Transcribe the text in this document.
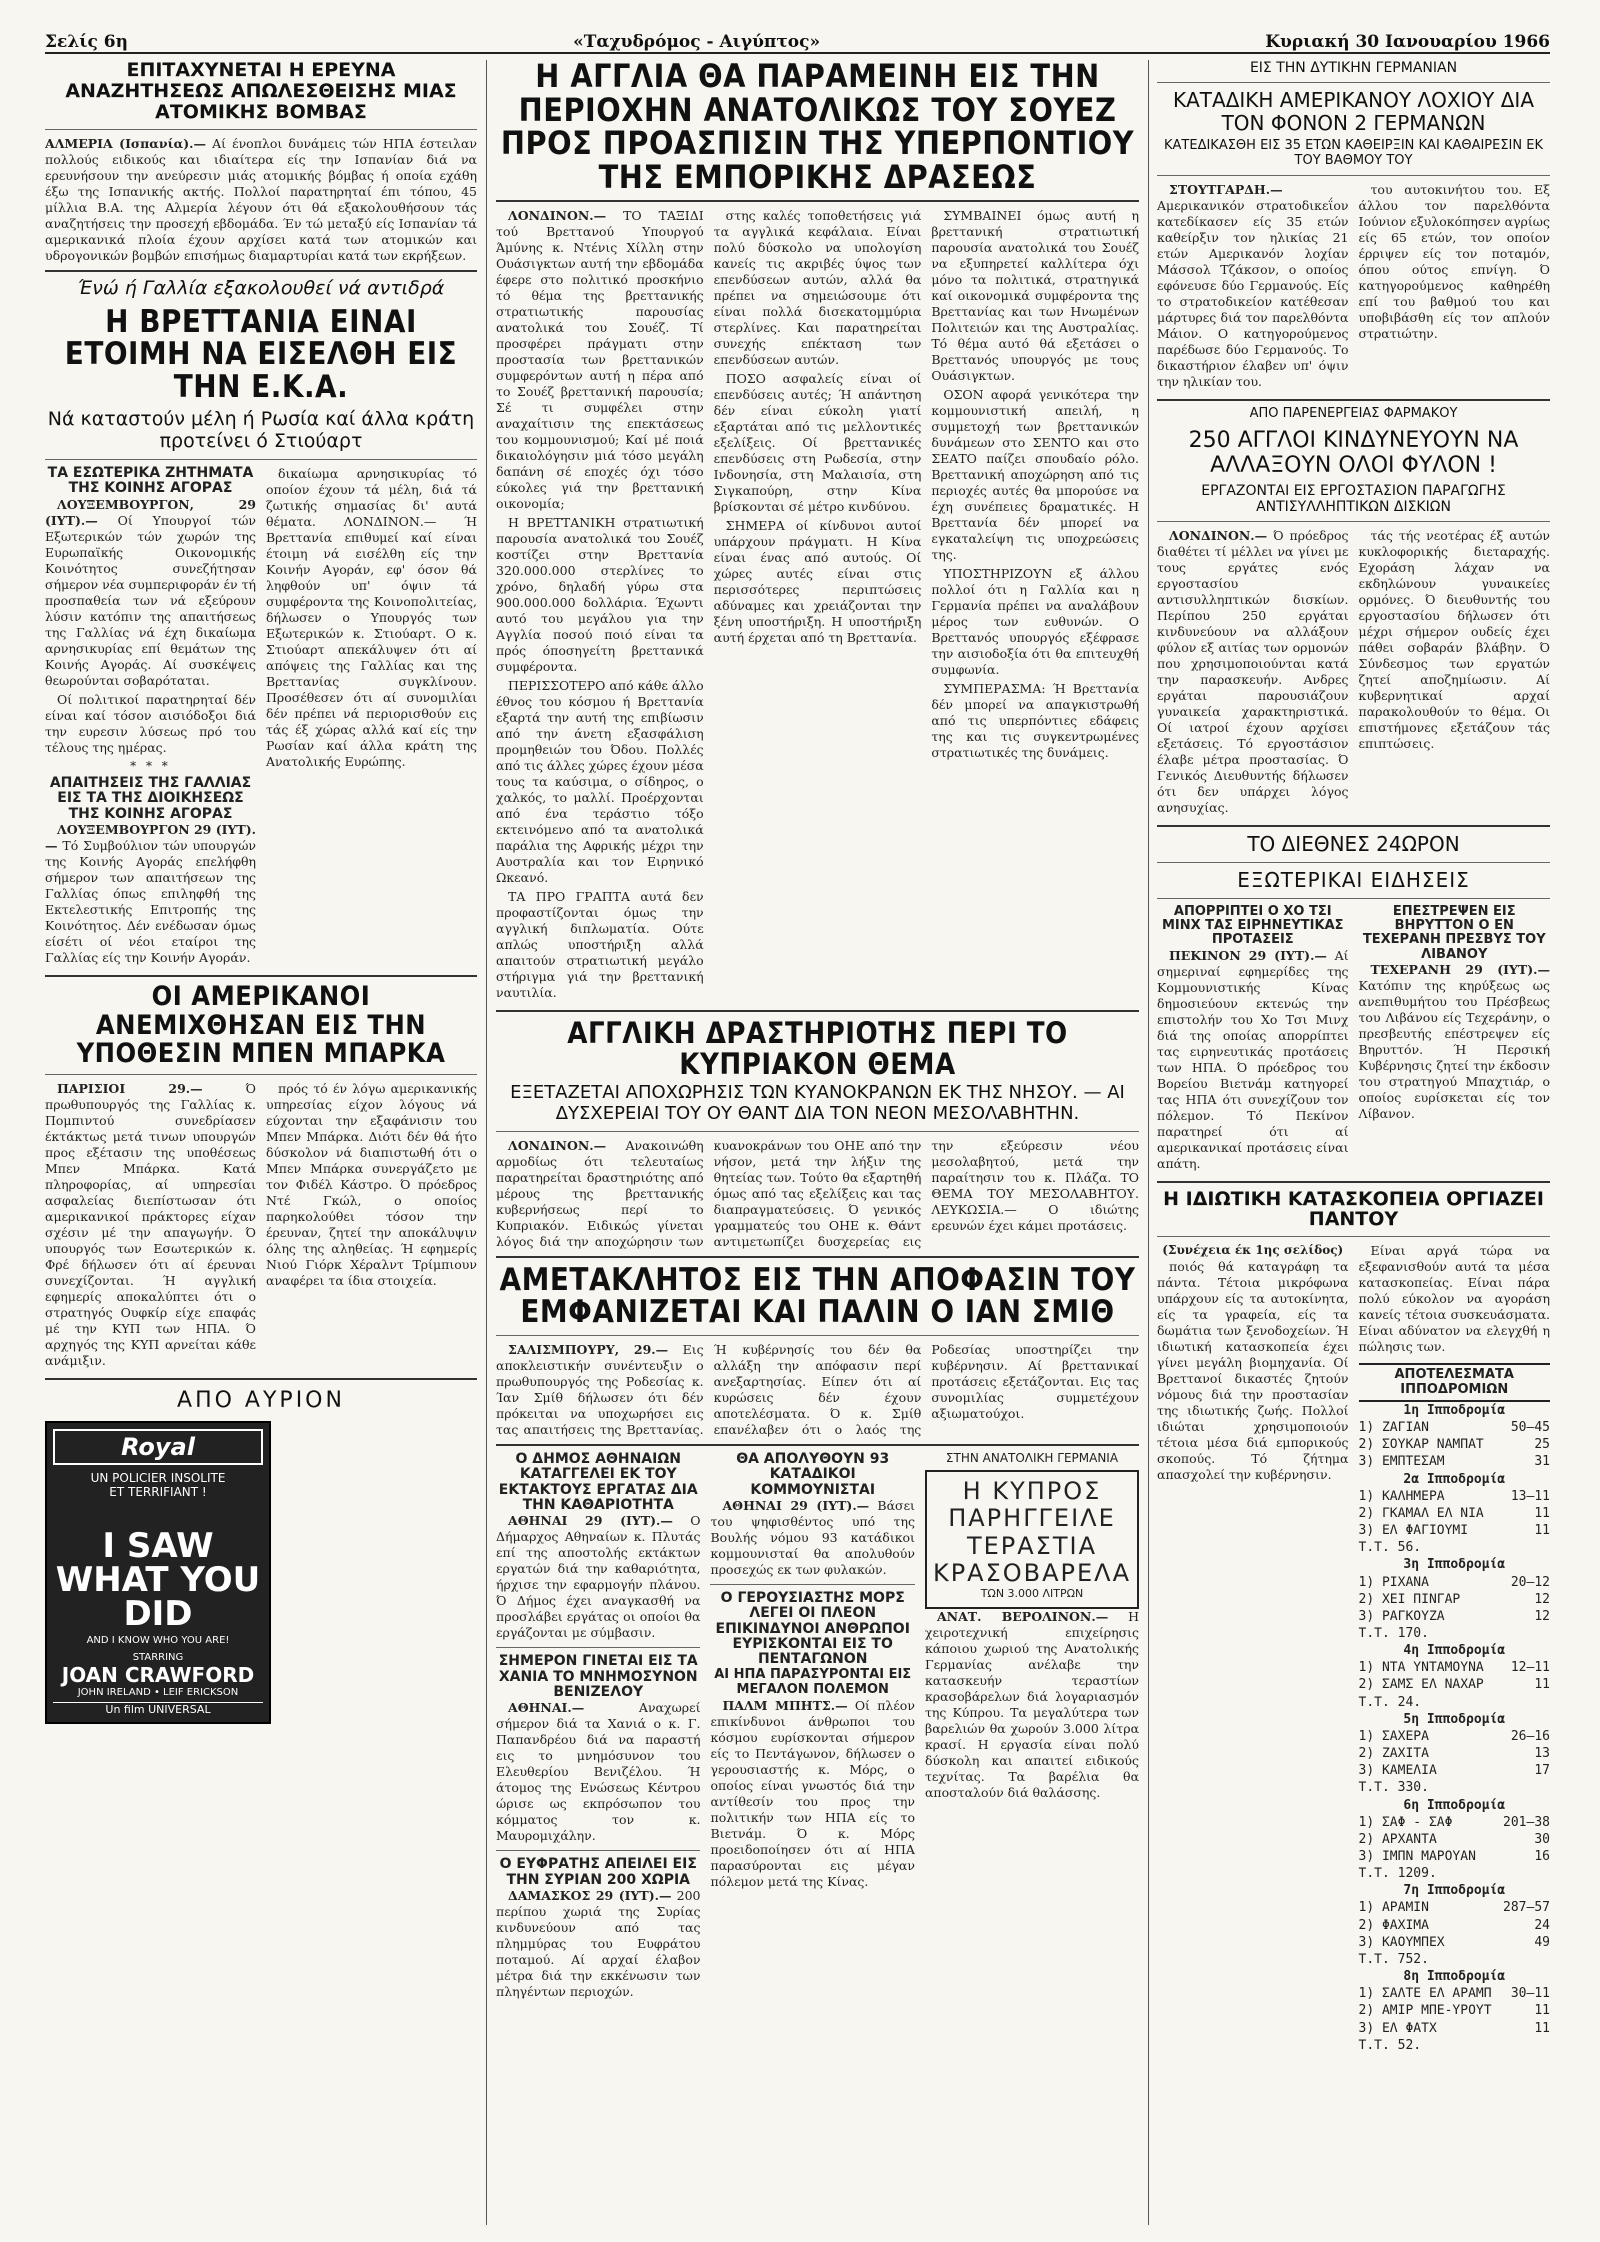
Σελίς 6η	«Ταχυδρόμος - Αιγύπτος»	Κυριακή 30 Ιανουαρίου 1966
ΕΠΙΤΑΧΥΝΕΤΑΙ Η ΕΡΕΥΝΑ ΑΝΑΖΗΤΗΣΕΩΣ ΑΠΩΛΕΣΘΕΙΣΗΣ ΜΙΑΣ ΑΤΟΜΙΚΗΣ ΒΟΜΒΑΣ
ΑΛΜΕΡΙΑ (Ισπανία).— Αί ένοπλοι δυνάμεις τών ΗΠΑ έστειλαν πολλούς ειδικούς και ιδιαίτερα είς την Ισπανίαν διά να ερευνήσουν την ανεύρεσιν μιάς ατομικής βόμβας ή οποία εχάθη έξω της Ισπανικής ακτής. Πολλοί παρατηρηταί έπι τόπου, 45 μίλλια Β.Α. της Αλμερία λέγουν ότι θά εξακολουθήσουν τάς αναζητήσεις την προσεχή εβδομάδα. Έν τώ μεταξύ είς Ισπανίαν τά αμερικανικά πλοία έχουν αρχίσει κατά των ατομικών και υδρογονικών βομβών επισήμως διαμαρτυρίαι κατά των εκρήξεων.
Ένώ ή Γαλλία εξακολουθεί νά αντιδρά
Η ΒΡΕΤΤΑΝΙΑ ΕΙΝΑΙ ΕΤΟΙΜΗ ΝΑ ΕΙΣΕΛΘΗ ΕΙΣ ΤΗΝ Ε.Κ.Α.
Νά καταστούν μέλη ή Ρωσία καί άλλα κράτη προτείνει ό Στιούαρτ
ΤΑ ΕΣΩΤΕΡΙΚΑ ΖΗΤΗΜΑΤΑ ΤΗΣ ΚΟΙΝΗΣ ΑΓΟΡΑΣ

ΛΟΥΞΕΜΒΟΥΡΓΟΝ, 29 (ΙΥΤ).— Οί Υπουργοί τών Εξωτερικών τών χωρών της Ευρωπαϊκής Οικονομικής Κοινότητος συνεζήτησαν σήμερον νέα συμπεριφοράν έν τή προσπαθεία των νά εξεύρουν λύσιν κατόπιν της απαιτήσεως της Γαλλίας νά έχη δικαίωμα αρνησικυρίας επί θεμάτων της Κοινής Αγοράς. Αί συσκέψεις θεωρούνται σοβαρόταται.

Οί πολιτικοί παρατηρηταί δέν είναι καί τόσον αισιόδοξοι διά την ευρεσιν λύσεως πρό του τέλους της ημέρας.

* * *
ΑΠΑΙΤΗΣΕΙΣ ΤΗΣ ΓΑΛΛΙΑΣ ΕΙΣ ΤΑ ΤΗΣ ΔΙΟΙΚΗΣΕΩΣ ΤΗΣ ΚΟΙΝΗΣ ΑΓΟΡΑΣ

ΛΟΥΞΕΜΒΟΥΡΓΟΝ 29 (ΙΥΤ).— Τό Συμβούλιον τών υπουργών της Κοινής Αγοράς επελήφθη σήμερον των απαιτήσεων της Γαλλίας όπως επιληφθή της Εκτελεστικής Επιτροπής της Κοινότητος. Δέν ενέδωσαν όμως είσέτι οί νέοι εταίροι της Γαλλίας είς την Κοινήν Αγοράν.

δικαίωμα αρνησικυρίας τό οποίον έχουν τά μέλη, διά τά ζωτικής σημασίας δι' αυτά θέματα. ΛΟΝΔΙΝΟΝ.— Ή Βρεττανία επιθυμεί καί είναι έτοιμη νά εισέλθη είς την Κοινήν Αγοράν, εφ' όσον θά ληφθούν υπ' όψιν τά συμφέροντα της Κοινοπολιτείας, δήλωσεν ο Υπουργός των Εξωτερικών κ. Στιούαρτ. Ο κ. Στιούαρτ απεκάλυψεν ότι αί απόψεις της Γαλλίας και της Βρεττανίας συγκλίνουν. Προσέθεσεν ότι αί συνομιλίαι δέν πρέπει νά περιορισθούν εις τάς έξ χώρας αλλά καί είς την Ρωσίαν καί άλλα κράτη της Ανατολικής Ευρώπης.

ΟΙ ΑΜΕΡΙΚΑΝΟΙ ΑΝΕΜΙΧΘΗΣΑΝ ΕΙΣ ΤΗΝ ΥΠΟΘΕΣΙΝ ΜΠΕΝ ΜΠΑΡΚΑ

ΠΑΡΙΣΙΟΙ 29.—	Ό πρωθυπουργός της Γαλλίας κ. Πομπιντού συνεδρίασεν έκτάκτως μετά τινων υπουργών προς εξέτασιν της υποθέσεως Μπεν Μπάρκα. Κατά πληροφορίας, αί υπηρεσίαι ασφαλείας διεπίστωσαν ότι αμερικανικοί πράκτορες είχαν σχέσιν μέ την απαγωγήν. Ό υπουργός των Εσωτερικών κ. Φρέ δήλωσεν ότι αί έρευναι συνεχίζονται. Ή αγγλική εφημερίς αποκαλύπτει ότι ο στρατηγός Ουφκίρ είχε επαφάς μέ την ΚΥΠ των ΗΠΑ. Ό αρχηγός της ΚΥΠ αρνείται κάθε ανάμιξιν.

πρός τό έν λόγω αμερικανικής υπηρεσίας είχον λόγους νά εύχονται την εξαφάνισιν του Μπεν Μπάρκα. Διότι δέν θά ήτο δύσκολον νά διαπιστωθή ότι ο Μπεν Μπάρκα συνεργάζετο με τον Φιδέλ Κάστρο. Ό πρόεδρος Ντέ Γκώλ, ο οποίος παρηκολούθει τόσον την έρευναν, ζητεί την αποκάλυψιν όλης της αληθείας. Ή εφημερίς Νιού Γιόρκ Χέραλντ Τρίμπιουν αναφέρει τα ίδια στοιχεία.

ΑΠΟ ΑΥΡΙΟΝ
Royal
UN POLICIER INSOLITE
ET TERRIFIANT !
I SAW WHAT YOU DID
AND I KNOW WHO YOU ARE!
STARRING
JOAN CRAWFORD
JOHN IRELAND • LEIF ERICKSON
Un film UNIVERSAL
Η ΑΓΓΛΙΑ ΘΑ ΠΑΡΑΜΕΙΝΗ ΕΙΣ ΤΗΝ ΠΕΡΙΟΧΗΝ ΑΝΑΤΟΛΙΚΩΣ ΤΟΥ ΣΟΥΕΖ ΠΡΟΣ ΠΡΟΑΣΠΙΣΙΝ ΤΗΣ ΥΠΕΡΠΟΝΤΙΟΥ ΤΗΣ ΕΜΠΟΡΙΚΗΣ ΔΡΑΣΕΩΣ

ΛΟΝΔΙΝΟΝ.— ΤΟ ΤΑΞΙΔΙ τού Βρεττανού Υπουργού Άμύνης κ. Ντένις Χίλλη στην Ουάσιγκτων αυτή την εβδομάδα έφερε στο πολιτικό προσκήνιο τό θέμα της βρεττανικής στρατιωτικής παρουσίας ανατολικά του Σουέζ. Τί προσφέρει πράγματι στην προστασία των βρεττανικών συμφερόντων αυτή η πέρα από το Σουέζ βρεττανική παρουσία; Σέ τι συμφέλει στην αναχαίτισιν της επεκτάσεως του κομμουνισμού; Καί μέ ποιά δικαιολόγησιν μιά τόσο μεγάλη δαπάνη σέ εποχές όχι τόσο εύκολες γιά την βρεττανική οικονομία;

Η ΒΡΕΤΤΑΝΙΚΗ στρατιωτική παρουσία ανατολικά του Σουέζ κοστίζει στην Βρεττανία 320.000.000 στερλίνες το χρόνο, δηλαδή γύρω στα 900.000.000 δολλάρια. Έχωντι αυτό του μεγάλου για την Αγγλία ποσού ποιό είναι τα πρός όποσηγείτη βρεττανικά συμφέροντα.

ΠΕΡΙΣΣΟΤΕΡΟ από κάθε άλλο έθνος του κόσμου ή Βρεττανία εξαρτά την αυτή της επιβίωσιν από την άνετη εξασφάλιση προμηθειών του Όδου. Πολλές από τις άλλες χώρες έχουν μέσα τους τα καύσιμα, ο σίδηρος, ο χαλκός, το μαλλί. Προέρχονται από ένα τεράστιο τόξο εκτεινόμενο από τα ανατολικά παράλια της Αφρικής μέχρι την Αυστραλία και τον Ειρηνικό Ωκεανό.

ΤΑ ΠΡΟ ΓΡΑΠΤΑ αυτά δεν προφαστίζονται όμως την αγγλική διπλωματία. Ούτε απλώς υποστήριξη αλλά απαιτούν στρατιωτική μεγάλο στήριγμα γιά την βρεττανική ναυτιλία.

στης καλές τοποθετήσεις γιά τα αγγλικά κεφάλαια. Είναι πολύ δύσκολο να υπολογίση κανείς τις ακριβές ύψος των επενδύσεων αυτών, αλλά θα πρέπει να σημειώσουμε ότι είναι πολλά δισεκατομμύρια στερλίνες. Και παρατηρείται συνεχής επέκταση των επενδύσεων αυτών.

ΠΟΣΟ ασφαλείς είναι οί επενδύσεις αυτές; Ή απάντηση δέν είναι εύκολη γιατί εξαρτάται από τις μελλοντικές εξελίξεις. Οί βρεττανικές επενδύσεις στη Ρωδεσία, στην Ινδονησία, στη Μαλαισία, στη Σιγκαπούρη, στην Κίνα βρίσκονται σέ μέτρο κινδύνου.

ΣΗΜΕΡΑ οί κίνδυνοι αυτοί υπάρχουν πράγματι. Η Κίνα είναι ένας από αυτούς. Οί χώρες αυτές είναι στις περισσότερες περιπτώσεις αδύναμες και χρειάζονται την ξένη υποστήριξη. Η υποστήριξη αυτή έρχεται από τη Βρεττανία.

ΣΥΜΒΑΙΝΕΙ όμως αυτή η βρεττανική στρατιωτική παρουσία ανατολικά του Σουέζ να εξυπηρετεί καλλίτερα όχι μόνο τα πολιτικά, στρατηγικά καί οικονομικά συμφέροντα της Βρεττανίας και των Ηνωμένων Πολιτειών και της Αυστραλίας. Τό θέμα αυτό θά εξετάσει ο Βρεττανός υπουργός με τους Ουάσιγκτων.

ΟΣΟΝ αφορά γενικότερα την κομμουνιστική απειλή, η συμμετοχή των βρεττανικών δυνάμεων στο ΣΕΝΤΟ και στο ΣΕΑΤΟ παίζει σπουδαίο ρόλο. Βρεττανική αποχώρηση από τις περιοχές αυτές θα μπορούσε να έχη συνέπειες δραματικές. Η Βρεττανία δέν μπορεί να εγκαταλείψη τις υποχρεώσεις της.

ΥΠΟΣΤΗΡΙΖΟΥΝ εξ άλλου πολλοί ότι η Γαλλία και η Γερμανία πρέπει να αναλάβουν μέρος των ευθυνών. Ο Βρεττανός υπουργός εξέφρασε την αισιοδοξία ότι θα επιτευχθή συμφωνία.

ΣΥΜΠΕΡΑΣΜΑ: Ή Βρεττανία δέν μπορεί να απαγκιστρωθή από τις υπερπόντιες εδάφεις της και τις συγκεντρωμένες στρατιωτικές της δυνάμεις.

ΑΓΓΛΙΚΗ ΔΡΑΣΤΗΡΙΟΤΗΣ ΠΕΡΙ ΤΟ ΚΥΠΡΙΑΚΟΝ ΘΕΜΑ
ΕΞΕΤΑΖΕΤΑΙ ΑΠΟΧΩΡΗΣΙΣ ΤΩΝ ΚΥΑΝΟΚΡΑΝΩΝ ΕΚ ΤΗΣ ΝΗΣΟΥ. — ΑΙ ΔΥΣΧΕΡΕΙΑΙ ΤΟΥ ΟΥ ΘΑΝΤ ΔΙΑ ΤΟΝ ΝΕΟΝ ΜΕΣΟΛΑΒΗΤΗΝ.

ΛΟΝΔΙΝΟΝ.— Ανακοινώθη αρμοδίως ότι τελευταίως παρατηρείται δραστηριότης από μέρους της βρεττανικής κυβερνήσεως περί το Κυπριακόν. Ειδικώς γίνεται λόγος διά την αποχώρησιν των κυανοκράνων του ΟΗΕ από την νήσον, μετά την λήξιν της θητείας των. Τούτο θα εξαρτηθή όμως από τας εξελίξεις και τας διαπραγματεύσεις. Ό γενικός γραμματεύς του ΟΗΕ κ. Θάντ αντιμετωπίζει δυσχερείας εις την εξεύρεσιν νέου μεσολαβητού, μετά την παραίτησιν του κ. Πλάζα. ΤΟ ΘΕΜΑ ΤΟΥ ΜΕΣΟΛΑΒΗΤΟΥ. ΛΕΥΚΩΣΙΑ.— Ο ιδιώτης ερευνών έχει κάμει προτάσεις.

ΑΜΕΤΑΚΛΗΤΟΣ ΕΙΣ ΤΗΝ ΑΠΟΦΑΣΙΝ ΤΟΥ ΕΜΦΑΝΙΖΕΤΑΙ ΚΑΙ ΠΑΛΙΝ Ο ΙΑΝ ΣΜΙΘ

ΣΑΛΙΣΜΠΟΥΡΥ, 29.— Εις αποκλειστικήν συνέντευξιν ο πρωθυπουργός της Ροδεσίας κ. Ίαν Σμίθ δήλωσεν ότι δέν πρόκειται να υποχωρήσει εις τας απαιτήσεις της Βρεττανίας. Ή κυβέρνησίς του δέν θα αλλάξη την απόφασιν περί ανεξαρτησίας. Είπεν ότι αί κυρώσεις δέν έχουν αποτελέσματα. Ό κ. Σμίθ επανέλαβεν ότι ο λαός της Ροδεσίας υποστηρίζει την κυβέρνησιν. Αί βρεττανικαί προτάσεις εξετάζονται. Εις τας συνομιλίας συμμετέχουν αξιωματούχοι.

Ο ΔΗΜΟΣ ΑΘΗΝΑΙΩΝ ΚΑΤΑΓΓΕΛΕΙ ΕΚ ΤΟΥ ΕΚΤΑΚΤΟΥΣ ΕΡΓΑΤΑΣ ΔΙΑ ΤΗΝ ΚΑΘΑΡΙΟΤΗΤΑ

ΑΘΗΝΑΙ 29 (ΙΥΤ).— Ο Δήμαρχος Αθηναίων κ. Πλυτάς επί της αποστολής εκτάκτων εργατών διά την καθαριότητα, ήρχισε την εφαρμογήν πλάνου. Ό Δήμος έχει αναγκασθή να προσλάβει εργάτας οι οποίοι θα εργάζονται με σύμβασιν.

ΣΗΜΕΡΟΝ ΓΙΝΕΤΑΙ ΕΙΣ ΤΑ ΧΑΝΙΑ ΤΟ ΜΝΗΜΟΣΥΝΟΝ ΒΕΝΙΖΕΛΟΥ

ΑΘΗΝΑΙ.—	Αναχωρεί σήμερον διά τα Χανιά ο κ. Γ. Παπανδρέου διά να παραστή εις το μνημόσυνον του Ελευθερίου Βενιζέλου. Ή άτομος της Ενώσεως Κέντρου ώρισε ως εκπρόσωπον του κόμματος τον κ. Μαυρομιχάλην.

Ο ΕΥΦΡΑΤΗΣ ΑΠΕΙΛΕΙ ΕΙΣ ΤΗΝ ΣΥΡΙΑΝ 200 ΧΩΡΙΑ

ΔΑΜΑΣΚΟΣ 29 (ΙΥΤ).— 200 περίπου χωριά της Συρίας κινδυνεύουν από τας πλημμύρας του Ευφράτου ποταμού. Αί αρχαί έλαβον μέτρα διά την εκκένωσιν των πληγέντων περιοχών.

ΘΑ ΑΠΟΛΥΘΟΥΝ 93 ΚΑΤΑΔΙΚΟΙ ΚΟΜΜΟΥΝΙΣΤΑΙ

ΑΘΗΝΑΙ 29 (ΙΥΤ).— Βάσει του ψηφισθέντος υπό της Βουλής νόμου 93 κατάδικοι κομμουνισταί θα απολυθούν προσεχώς εκ των φυλακών.

Ο ΓΕΡΟΥΣΙΑΣΤΗΣ ΜΟΡΣ ΛΕΓΕΙ ΟΙ ΠΛΕΟΝ ΕΠΙΚΙΝΔΥΝΟΙ ΑΝΘΡΩΠΟΙ ΕΥΡΙΣΚΟΝΤΑΙ ΕΙΣ ΤΟ ΠΕΝΤΑΓΩΝΟΝ
ΑΙ ΗΠΑ ΠΑΡΑΣΥΡΟΝΤΑΙ ΕΙΣ ΜΕΓΑΛΟΝ ΠΟΛΕΜΟΝ

ΠΑΛΜ ΜΠΗΤΣ.— Οί πλέον επικίνδυνοι άνθρωποι του κόσμου ευρίσκονται σήμερον είς το Πεντάγωνον, δήλωσεν ο γερουσιαστής κ. Μόρς, ο οποίος είναι γνωστός διά την αντίθεσίν του προς την πολιτικήν των ΗΠΑ είς το Βιετνάμ. Ό κ. Μόρς προειδοποίησεν ότι αί ΗΠΑ παρασύρονται εις μέγαν πόλεμον μετά της Κίνας.

ΣΤΗΝ ΑΝΑΤΟΛΙΚΗ ΓΕΡΜΑΝΙΑ
Η ΚΥΠΡΟΣ ΠΑΡΗΓΓΕΙΛΕ ΤΕΡΑΣΤΙΑ ΚΡΑΣΟΒΑΡΕΛΑ
ΤΩΝ 3.000 ΛΙΤΡΩΝ

ΑΝΑΤ. ΒΕΡΟΛΙΝΟΝ.— Η χειροτεχνική επιχείρησις κάποιου χωριού της Ανατολικής Γερμανίας ανέλαβε την κατασκευήν τεραστίων κρασοβάρελων διά λογαριασμόν της Κύπρου. Τα μεγαλύτερα των βαρελιών θα χωρούν 3.000 λίτρα κρασί. Η εργασία είναι πολύ δύσκολη και απαιτεί ειδικούς τεχνίτας. Τα βαρέλια θα αποσταλούν διά θαλάσσης.

ΕΙΣ ΤΗΝ ΔΥΤΙΚΗΝ ΓΕΡΜΑΝΙΑΝ
ΚΑΤΑΔΙΚΗ ΑΜΕΡΙΚΑΝΟΥ ΛΟΧΙΟΥ ΔΙΑ ΤΟΝ ΦΟΝΟΝ 2 ΓΕΡΜΑΝΩΝ
ΚΑΤΕΔΙΚΑΣΘΗ ΕΙΣ 35 ΕΤΩΝ ΚΑΘΕΙΡΞΙΝ ΚΑΙ ΚΑΘΑΙΡΕΣΙΝ ΕΚ ΤΟΥ ΒΑΘΜΟΥ ΤΟΥ

ΣΤΟΥΤΓΑΡΔΗ.— Αμερικανικόν στρατοδικεΐον κατεδίκασεν είς 35 ετών καθείρξιν τον ηλικίας 21 ετών Αμερικανόν λοχίαν Μάσσολ Τζάκσον, ο οποίος εφόνευσε δύο Γερμανούς. Είς το στρατοδικείον κατέθεσαν μάρτυρες διά τον παρελθόντα Μάιον. Ο κατηγορούμενος παρέδωσε δύο Γερμανούς. Το δικαστήριον έλαβεν υπ' όψιν την ηλικίαν του.

του αυτοκινήτου του. Εξ άλλου τον παρελθόντα Ιούνιον εξυλοκόπησεν αγρίως είς 65 ετών, τον οποίον έρριψεν είς τον ποταμόν, όπου ούτος επνίγη. Ό κατηγορούμενος καθηρέθη επί του βαθμού του και υποβιβάσθη είς τον απλούν στρατιώτην.

ΑΠΟ ΠΑΡΕΝΕΡΓΕΙΑΣ ΦΑΡΜΑΚΟΥ
250 ΑΓΓΛΟΙ ΚΙΝΔΥΝΕΥΟΥΝ ΝΑ ΑΛΛΑΞΟΥΝ ΟΛΟΙ ΦΥΛΟΝ !
ΕΡΓΑΖΟΝΤΑΙ ΕΙΣ ΕΡΓΟΣΤΑΣΙΟΝ ΠΑΡΑΓΩΓΗΣ ΑΝΤΙΣΥΛΛΗΠΤΙΚΩΝ ΔΙΣΚΙΩΝ

ΛΟΝΔΙΝΟΝ.— Ό πρόεδρος διαθέτει τί μέλλει να γίνει με τους εργάτες ενός εργοστασίου αντισυλληπτικών δισκίων. Περίπου 250 εργάται κινδυνεύουν να αλλάξουν φύλον εξ αιτίας των ορμονών που χρησιμοποιούνται κατά την παρασκευήν. Ανδρες εργάται παρουσιάζουν γυναικεία χαρακτηριστικά. Οί ιατροί έχουν αρχίσει εξετάσεις. Τό εργοστάσιον έλαβε μέτρα προστασίας. Ό Γενικός Διευθυντής δήλωσεν ότι δεν υπάρχει λόγος ανησυχίας.

τάς τής νεοτέρας έξ αυτών κυκλοφορικής διεταραχής. Εχοράση λάχαν να εκδηλώνουν γυναικείες ορμόνες. Ό διευθυντής του εργοστασίου δήλωσεν ότι μέχρι σήμερον ουδείς έχει πάθει σοβαράν βλάβην. Ό Σύνδεσμος των εργατών ζητεί αποζημίωσιν. Αί κυβερνητικαί αρχαί παρακολουθούν το θέμα. Οι επιστήμονες εξετάζουν τάς επιπτώσεις.

ΤΟ ΔΙΕΘΝΕΣ 24ΩΡΟΝ
ΕΞΩΤΕΡΙΚΑΙ ΕΙΔΗΣΕΙΣ
ΑΠΟΡΡΙΠΤΕΙ Ο ΧΟ ΤΣΙ ΜΙΝΧ ΤΑΣ ΕΙΡΗΝΕΥΤΙΚΑΣ ΠΡΟΤΑΣΕΙΣ

ΠΕΚΙΝΟΝ 29 (ΙΥΤ).— Αί σημεριναί εφημερίδες της Κομμουνιστικής Κίνας δημοσιεύουν εκτενώς την επιστολήν του Χο Τσι Μινχ διά της οποίας απορρίπτει τας ειρηνευτικάς προτάσεις των ΗΠΑ. Ό πρόεδρος του Βορείου Βιετνάμ κατηγορεί τας ΗΠΑ ότι συνεχίζουν τον πόλεμον. Τό Πεκίνον παρατηρεί ότι αί αμερικανικαί προτάσεις είναι απάτη.

ΕΠΕΣΤΡΕΨΕΝ ΕΙΣ ΒΗΡΥΤΤΟΝ Ο ΕΝ ΤΕΧΕΡΑΝΗ ΠΡΕΣΒΥΣ ΤΟΥ ΛΙΒΑΝΟΥ

ΤΕΧΕΡΑΝΗ 29 (ΙΥΤ).— Κατόπιν της κηρύξεως ως ανεπιθυμήτου του Πρέσβεως του Λιβάνου είς Τεχεράνην, ο πρεσβευτής επέστρεψεν είς Βηρυττόν. Ή Περσική Κυβέρνησις ζητεί την έκδοσιν του στρατηγού Μπαχτιάρ, ο οποίος ευρίσκεται είς τον Λίβανον.

Η ΙΔΙΩΤΙΚΗ ΚΑΤΑΣΚΟΠΕΙΑ ΟΡΓΙΑΖΕΙ ΠΑΝΤΟΥ
(Συνέχεια έκ 1ης σελίδος)

ποιός θά καταγράφη τα πάντα. Τέτοια μικρόφωνα υπάρχουν είς τα αυτοκίνητα, είς τα γραφεία, είς τα δωμάτια των ξενοδοχείων. Ή ιδιωτική κατασκοπεία έχει γίνει μεγάλη βιομηχανία. Οί Βρεττανοί δικαστές ζητούν νόμους διά την προστασίαν της ιδιωτικής ζωής. Πολλοί ιδιώται χρησιμοποιούν τέτοια μέσα διά εμπορικούς σκοπούς. Τό ζήτημα απασχολεί την κυβέρνησιν.

Είναι αργά τώρα να εξεφανισθούν αυτά τα μέσα κατασκοπείας. Είναι πάρα πολύ εύκολον να αγοράση κανείς τέτοια συσκευάσματα. Είναι αδύνατον να ελεγχθή η πώλησις των.

ΑΠΟΤΕΛΕΣΜΑΤΑ ΙΠΠΟΔΡΟΜΙΩΝ
1η Ιπποδρομία
1) ΖΑΓΙΑΝ	50—45
2) ΣΟΥΚΑΡ ΝΑΜΠΑΤ	25
3) ΕΜΠΤΕΣΑΜ	31
2α Ιπποδρομία
1) ΚΑΛΗΜΕΡΑ	13—11
2) ΓΚΑΜΑΛ ΕΛ ΝΙΑ	11
3) ΕΛ ΦΑΓΙΟΥΜΙ	11
Τ.Τ. 56.
3η Ιπποδρομία
1) ΡΙΧΑΝΑ	20—12
2) ΧΕΙ ΠΙΝΓΑΡ	12
3) ΡΑΓΚΟΥΖΑ	12
Τ.Τ. 170.
4η Ιπποδρομία
1) ΝΤΑ ΥΝΤΑΜΟΥΝΑ 12—11
2) ΣΑΜΣ ΕΛ ΝΑΧΑΡ	11
Τ.Τ. 24.
5η Ιπποδρομία
1) ΣΑΧΕΡΑ	26—16
2) ΖΑΧΙΤΑ	13
3) ΚΑΜΕΛΙΑ	17
Τ.Τ. 330.
6η Ιπποδρομία
1) ΣΑΦ - ΣΑΦ	201—38
2) ΑΡΧΑΝΤΑ	30
3) ΙΜΠΝ ΜΑΡΟΥΑΝ	16
Τ.Τ. 1209.
7η Ιπποδρομία
1) ΑΡΑΜΙΝ	287—57
2) ΦΑΧΙΜΑ	24
3) ΚΑΟΥΜΠΕΧ	49
Τ.Τ. 752.
8η Ιπποδρομία
1) ΣΑΛΤΕ ΕΛ ΑΡΑΜΠ 30—11
2) ΑΜΙΡ ΜΠΕ-ΥΡΟΥΤ	11
3) ΕΛ ΦΑΤΧ	11
Τ.Τ. 52.
